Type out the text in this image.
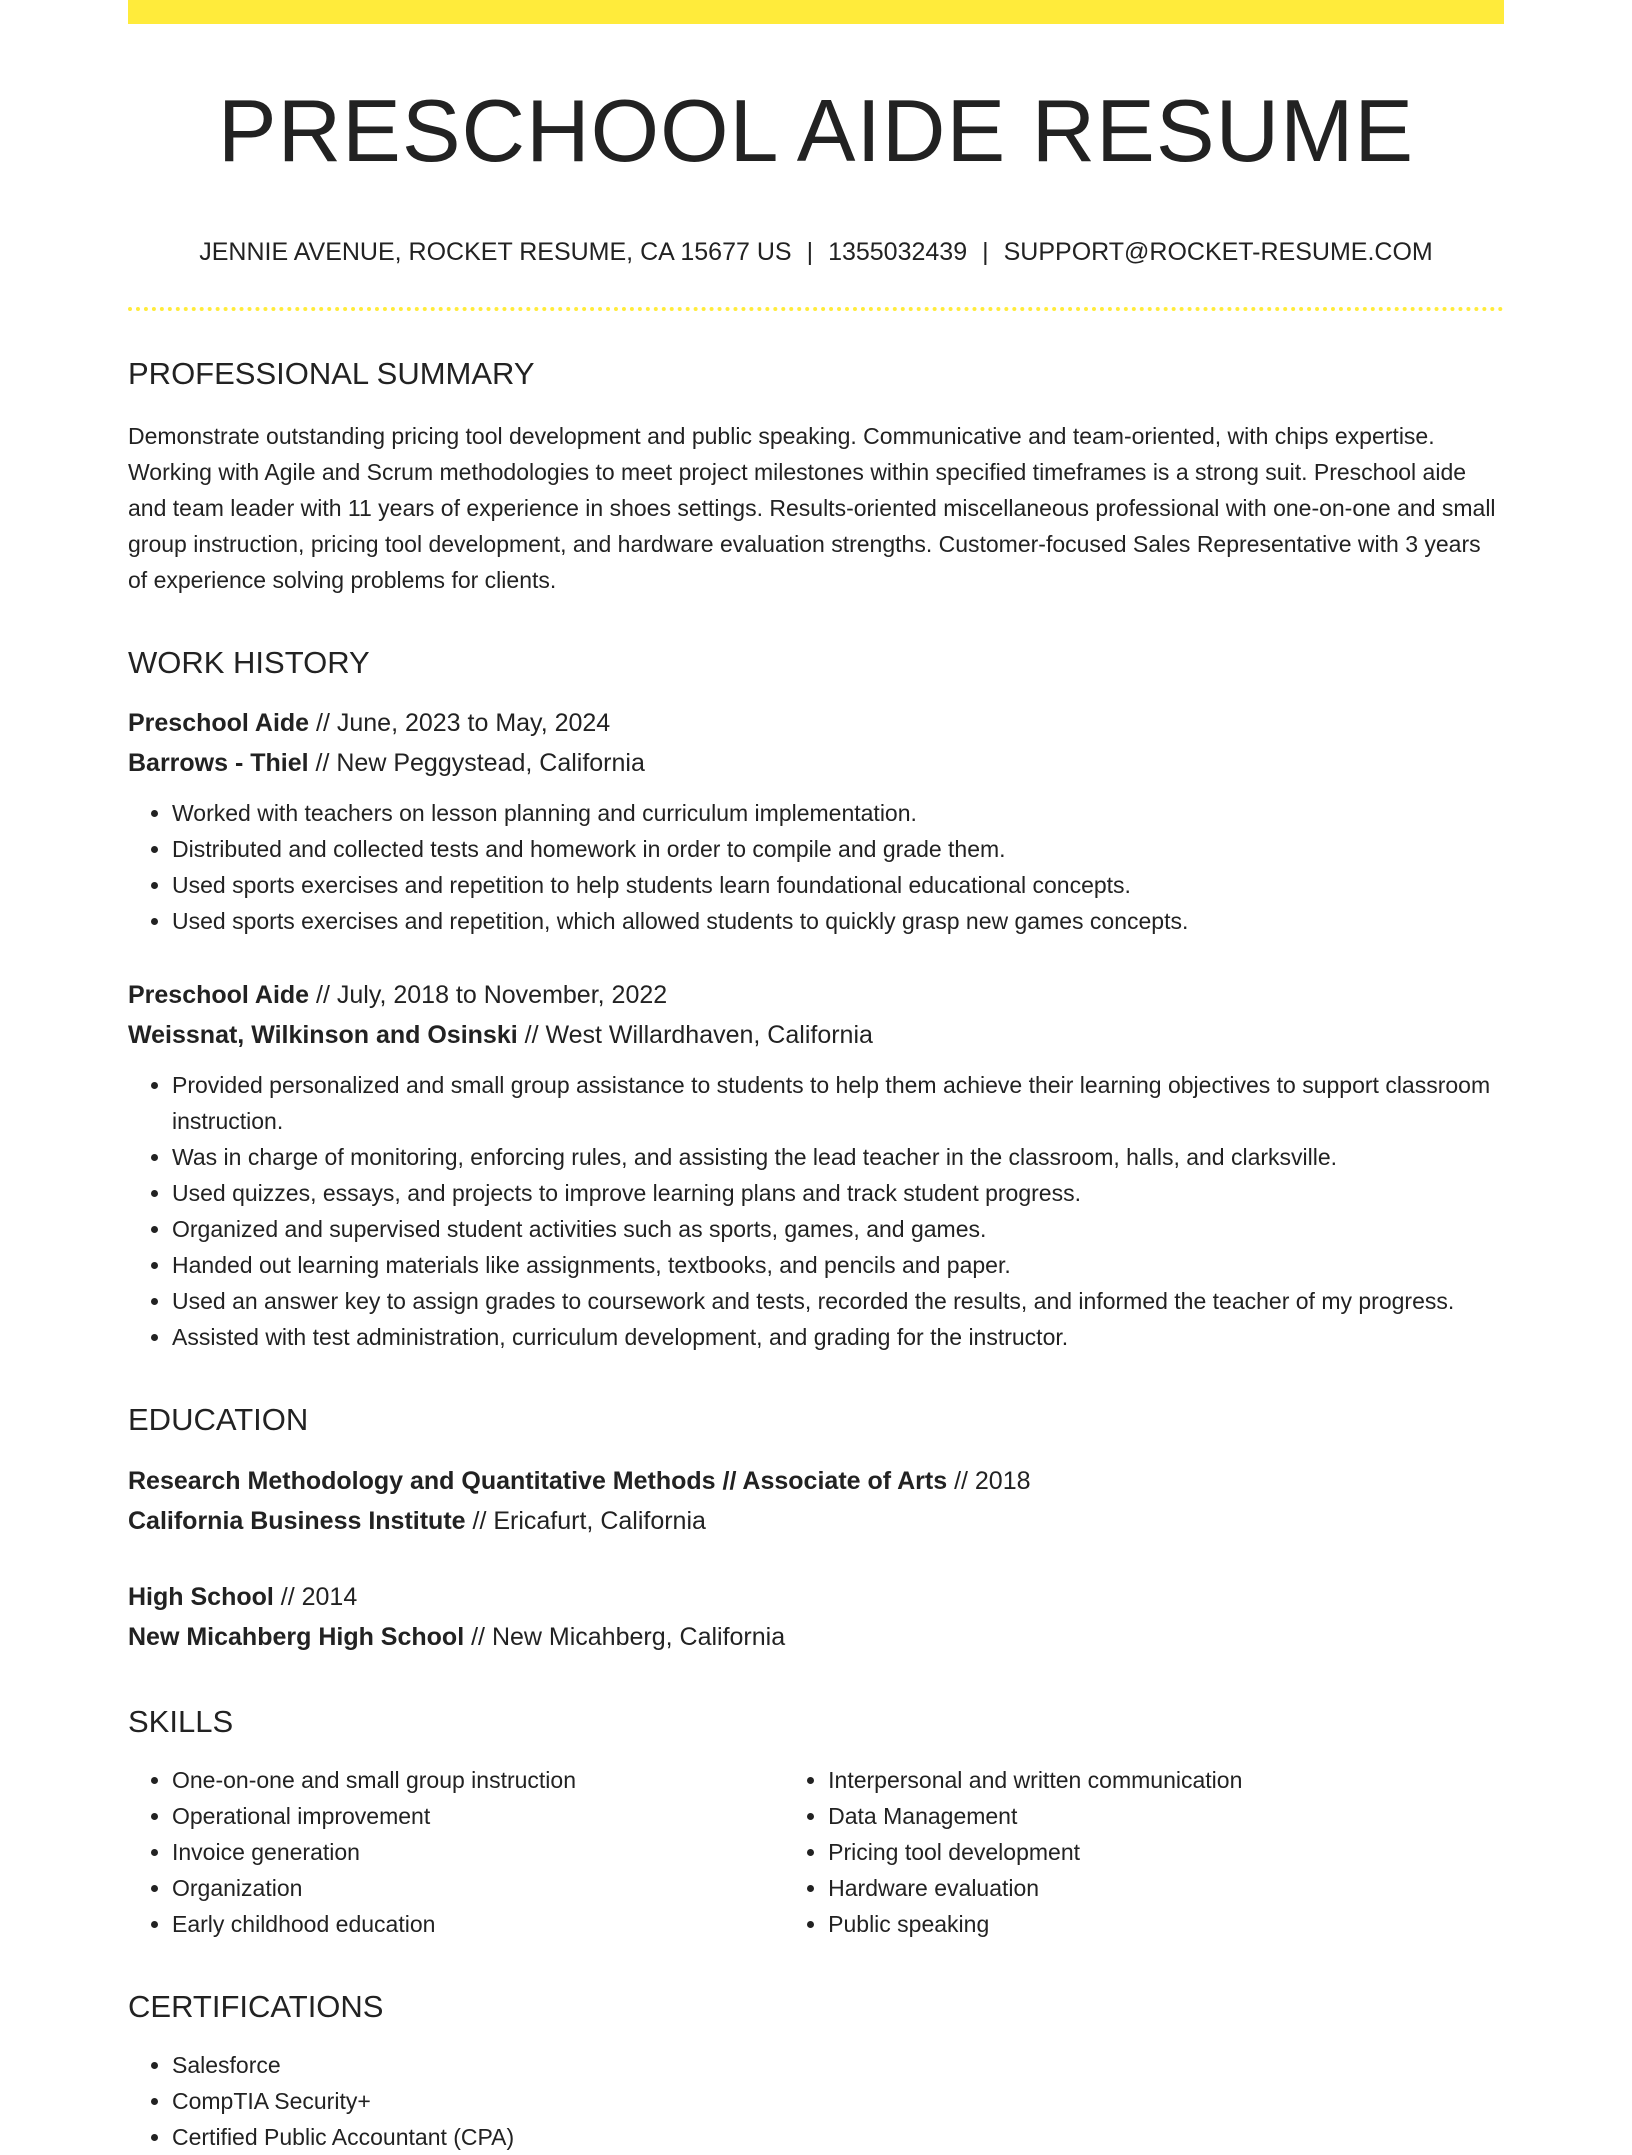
PRESCHOOL AIDE RESUME
JENNIE AVENUE, ROCKET RESUME, CA 15677 US | 1355032439 | SUPPORT@ROCKET-RESUME.COM
PROFESSIONAL SUMMARY
Demonstrate outstanding pricing tool development and public speaking. Communicative and team-oriented, with chips expertise. Working with Agile and Scrum methodologies to meet project milestones within specified timeframes is a strong suit. Preschool aide and team leader with 11 years of experience in shoes settings. Results-oriented miscellaneous professional with one-on-one and small group instruction, pricing tool development, and hardware evaluation strengths. Customer-focused Sales Representative with 3 years of experience solving problems for clients.
WORK HISTORY
Preschool Aide // June, 2023 to May, 2024
Barrows - Thiel // New Peggystead, California
• Worked with teachers on lesson planning and curriculum implementation.
• Distributed and collected tests and homework in order to compile and grade them.
• Used sports exercises and repetition to help students learn foundational educational concepts.
• Used sports exercises and repetition, which allowed students to quickly grasp new games concepts.
Preschool Aide // July, 2018 to November, 2022
Weissnat, Wilkinson and Osinski // West Willardhaven, California
• Provided personalized and small group assistance to students to help them achieve their learning objectives to support classroom instruction.
• Was in charge of monitoring, enforcing rules, and assisting the lead teacher in the classroom, halls, and clarksville.
• Used quizzes, essays, and projects to improve learning plans and track student progress.
• Organized and supervised student activities such as sports, games, and games.
• Handed out learning materials like assignments, textbooks, and pencils and paper.
• Used an answer key to assign grades to coursework and tests, recorded the results, and informed the teacher of my progress.
• Assisted with test administration, curriculum development, and grading for the instructor.
EDUCATION
Research Methodology and Quantitative Methods // Associate of Arts // 2018
California Business Institute // Ericafurt, California
High School // 2014
New Micahberg High School // New Micahberg, California
SKILLS
• One-on-one and small group instruction
• Operational improvement
• Invoice generation
• Organization
• Early childhood education
• Interpersonal and written communication
• Data Management
• Pricing tool development
• Hardware evaluation
• Public speaking
CERTIFICATIONS
• Salesforce
• CompTIA Security+
• Certified Public Accountant (CPA)
